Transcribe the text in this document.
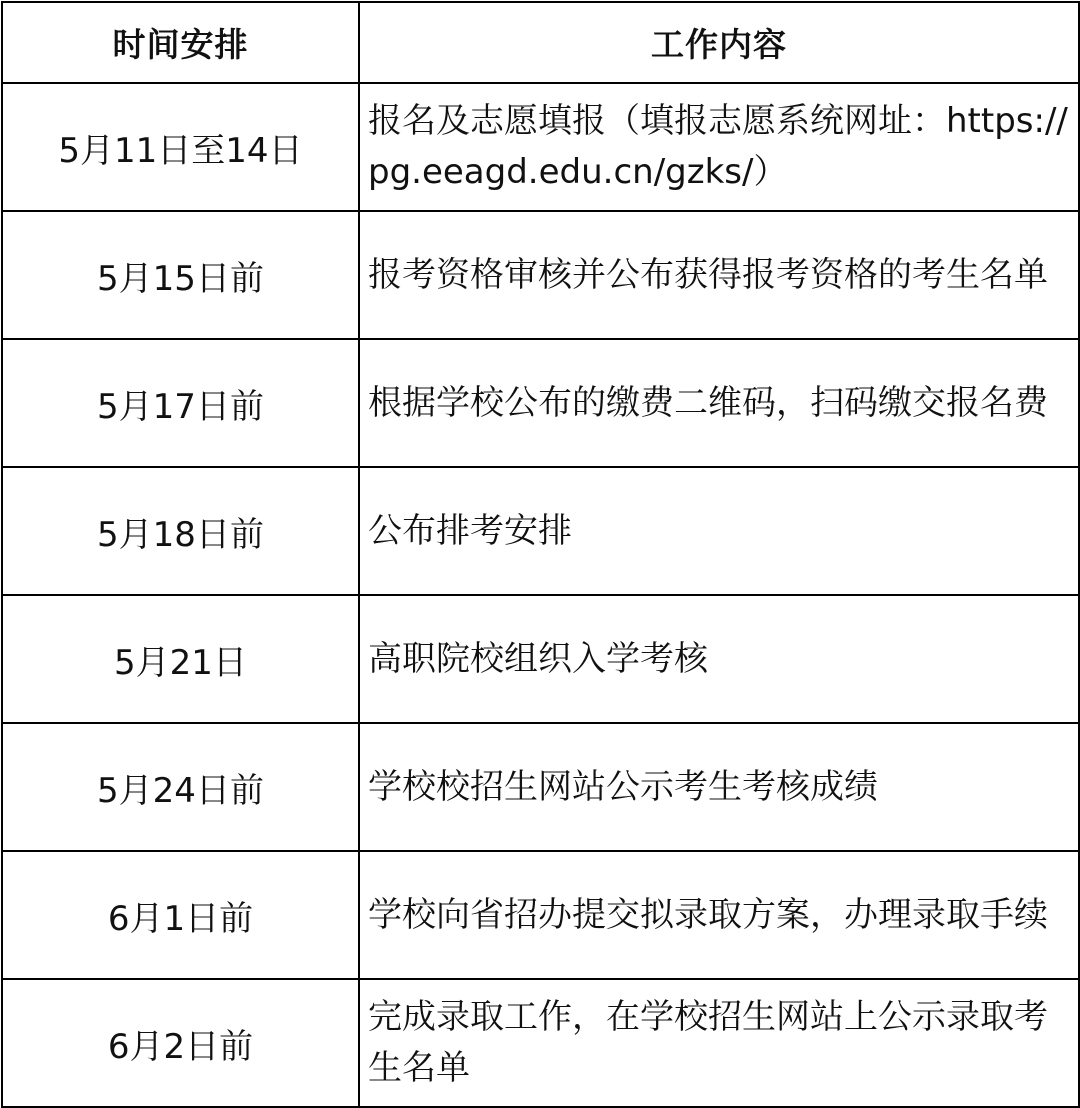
时间安排	工作内容
5月11日至14日	报名及志愿填报（填报志愿系统网址：https://pg.eeagd.edu.cn/gzks/）
5月15日前	报考资格审核并公布获得报考资格的考生名单
5月17日前	根据学校公布的缴费二维码，扫码缴交报名费
5月18日前	公布排考安排
5月21日	高职院校组织入学考核
5月24日前	学校校招生网站公示考生考核成绩
6月1日前	学校向省招办提交拟录取方案，办理录取手续
6月2日前	完成录取工作，在学校招生网站上公示录取考生名单
